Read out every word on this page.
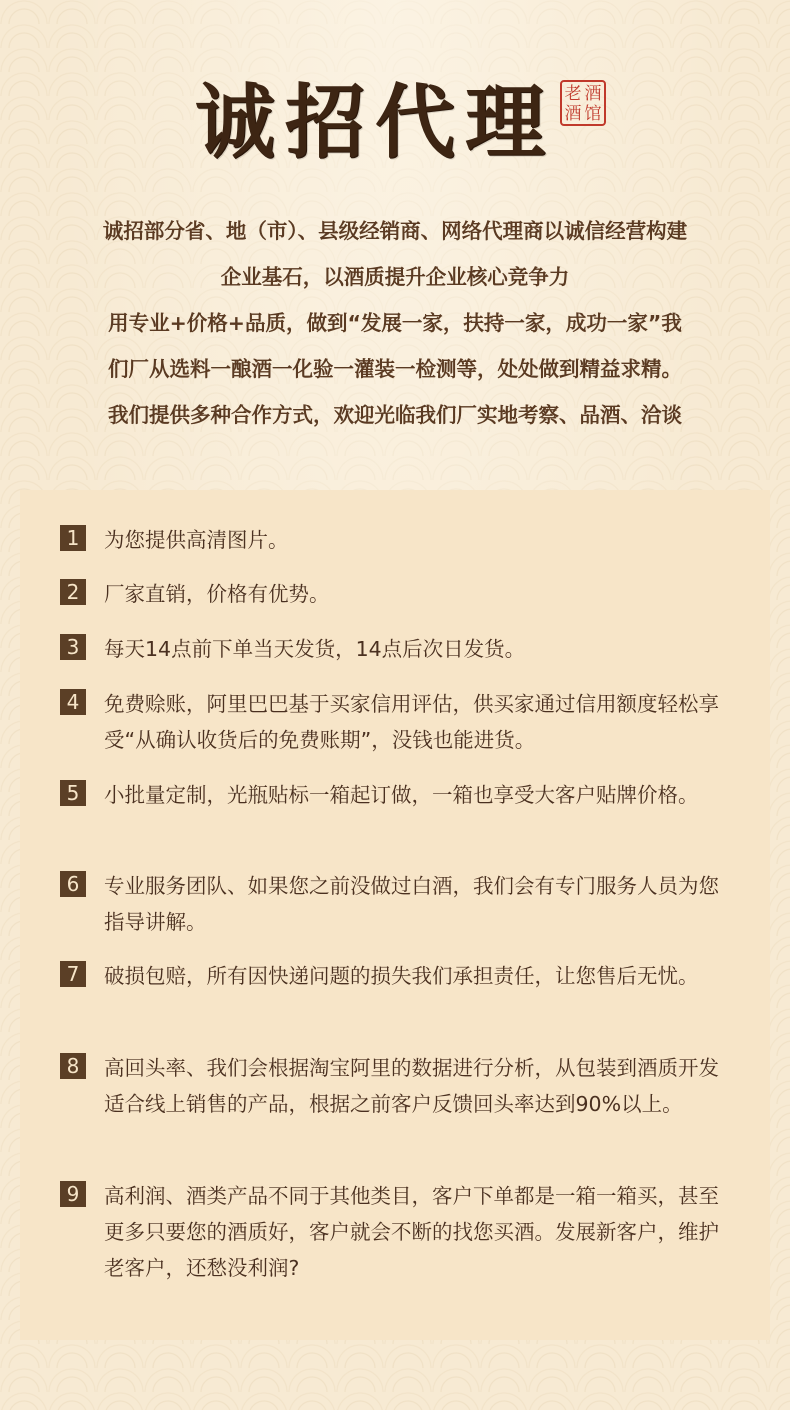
诚招代理 老 酒
酒 馆

诚招部分省、地（市）、县级经销商、网络代理商以诚信经营构建

企业基石，以酒质提升企业核心竞争力

用专业+价格+品质，做到“发展一家，扶持一家，成功一家”我

们厂从选料一酿酒一化验一灌装一检测等，处处做到精益求精。

我们提供多种合作方式，欢迎光临我们厂实地考察、品酒、洽谈

1	为您提供高清图片。
2	厂家直销，价格有优势。
3	每天14点前下单当天发货，14点后次日发货。
4	免费赊账，阿里巴巴基于买家信用评估，供买家通过信用额度轻松享受“从确认收货后的免费账期”，没钱也能进货。
5	小批量定制，光瓶贴标一箱起订做，一箱也享受大客户贴牌价格。
6	专业服务团队、如果您之前没做过白酒，我们会有专门服务人员为您指导讲解。
7	破损包赔，所有因快递问题的损失我们承担责任，让您售后无忧。
8	高回头率、我们会根据淘宝阿里的数据进行分析，从包装到酒质开发适合线上销售的产品，根据之前客户反馈回头率达到90%以上。
9	高利润、酒类产品不同于其他类目，客户下单都是一箱一箱买，甚至更多只要您的酒质好，客户就会不断的找您买酒。发展新客户，维护老客户，还愁没利润?
